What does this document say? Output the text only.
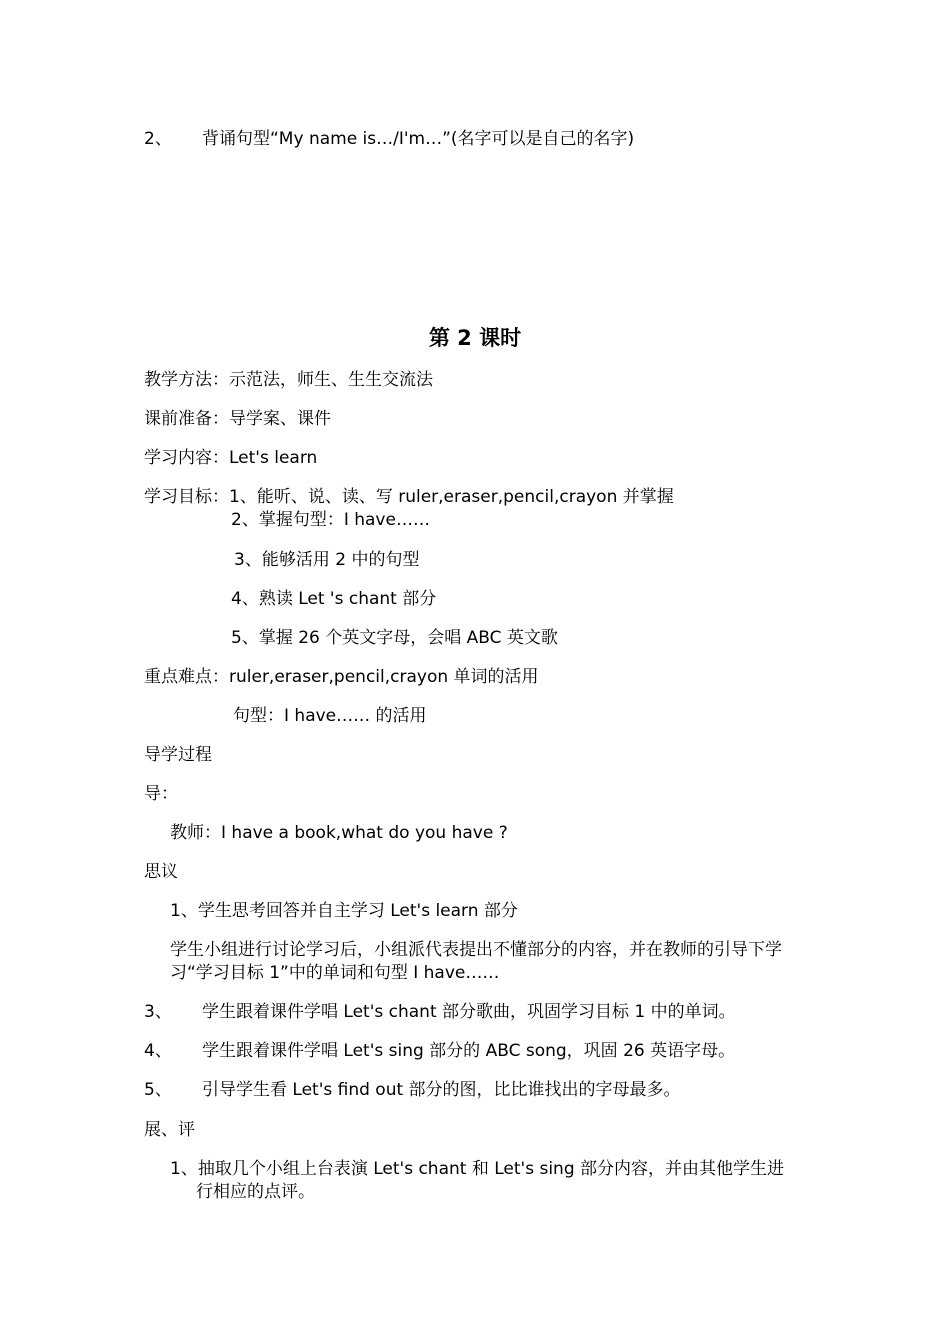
2、 背诵句型“My name is…/I'm…”(名字可以是自己的名字)
第 2 课时
教学方法：示范法，师生、生生交流法
课前准备：导学案、课件
学习内容：Let's learn
学习目标：1、能听、说、读、写 ruler,eraser,pencil,crayon 并掌握
2、掌握句型：I have……
3、能够活用 2 中的句型
4、熟读 Let 's chant 部分
5、掌握 26 个英文字母，会唱 ABC 英文歌
重点难点：ruler,eraser,pencil,crayon 单词的活用
句型：I have…… 的活用
导学过程
导：
教师：I have a book,what do you have ?
思议
1、学生思考回答并自主学习 Let's learn 部分
学生小组进行讨论学习后，小组派代表提出不懂部分的内容，并在教师的引导下学
习“学习目标 1”中的单词和句型 I have……
3、 学生跟着课件学唱 Let's chant 部分歌曲，巩固学习目标 1 中的单词。
4、 学生跟着课件学唱 Let's sing 部分的 ABC song，巩固 26 英语字母。
5、 引导学生看 Let's find out 部分的图，比比谁找出的字母最多。
展、评
1、抽取几个小组上台表演 Let's chant 和 Let's sing 部分内容，并由其他学生进
行相应的点评。
